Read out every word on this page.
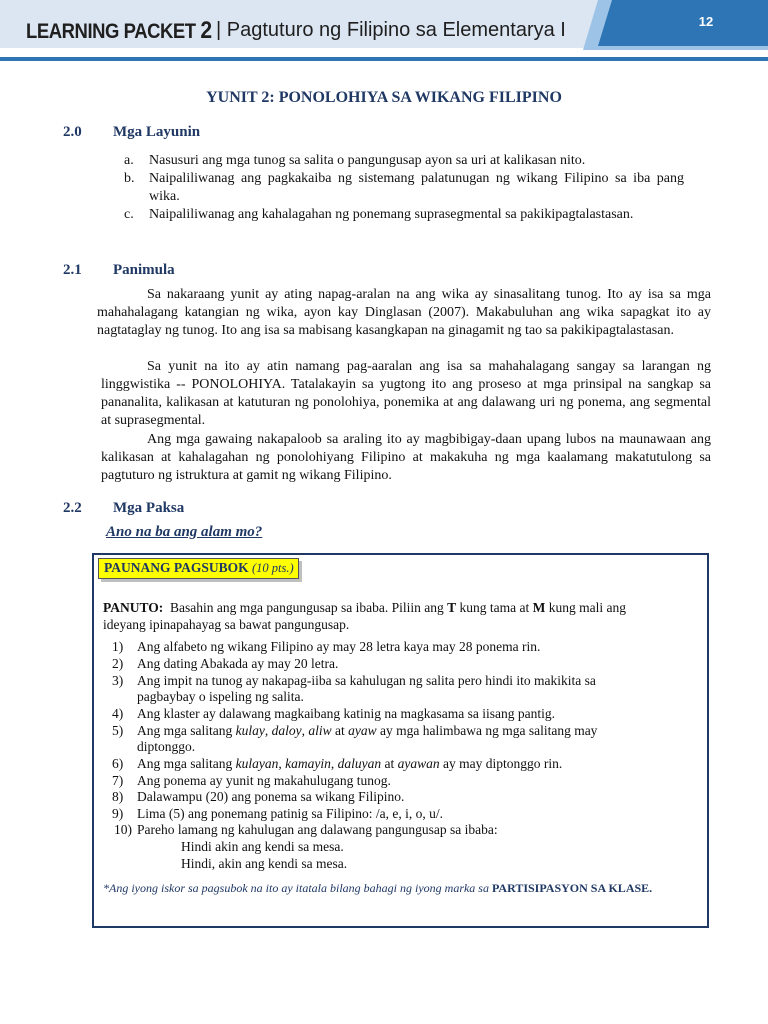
LEARNING PACKET 2 | Pagtuturo ng Filipino sa Elementarya I	12
YUNIT 2: PONOLOHIYA SA WIKANG FILIPINO
2.0 Mga Layunin
a. Nasusuri ang mga tunog sa salita o pangungusap ayon sa uri at kalikasan nito.
b. Naipaliliwanag ang pagkakaiba ng sistemang palatunugan ng wikang Filipino sa iba pang wika.
c. Naipaliliwanag ang kahalagahan ng ponemang suprasegmental sa pakikipagtalastasan.
2.1 Panimula
Sa nakaraang yunit ay ating napag-aralan na ang wika ay sinasalitang tunog. Ito ay isa sa mga mahahalagang katangian ng wika, ayon kay Dinglasan (2007). Makabuluhan ang wika sapagkat ito ay nagtataglay ng tunog. Ito ang isa sa mabisang kasangkapan na ginagamit ng tao sa pakikipagtalastasan.
Sa yunit na ito ay atin namang pag-aaralan ang isa sa mahahalagang sangay sa larangan ng linggwistika -- PONOLOHIYA. Tatalakayin sa yugtong ito ang proseso at mga prinsipal na sangkap sa pananalita, kalikasan at katuturan ng ponolohiya, ponemika at ang dalawang uri ng ponema, ang segmental at suprasegmental.
Ang mga gawaing nakapaloob sa araling ito ay magbibigay-daan upang lubos na maunawaan ang kalikasan at kahalagahan ng ponolohiyang Filipino at makakuha ng mga kaalamang makatutulong sa pagtuturo ng istruktura at gamit ng wikang Filipino.
2.2 Mga Paksa
Ano na ba ang alam mo?
PAUNANG PAGSUBOK (10 pts.)
PANUTO: Basahin ang mga pangungusap sa ibaba. Piliin ang T kung tama at M kung mali ang
ideyang ipinapahayag sa bawat pangungusap.
1) Ang alfabeto ng wikang Filipino ay may 28 letra kaya may 28 ponema rin.
2) Ang dating Abakada ay may 20 letra.
3) Ang impit na tunog ay nakapag-iiba sa kahulugan ng salita pero hindi ito makikita sa
pagbaybay o ispeling ng salita.
4) Ang klaster ay dalawang magkaibang katinig na magkasama sa iisang pantig.
5) Ang mga salitang kulay, daloy, aliw at ayaw ay mga halimbawa ng mga salitang may
diptonggo.
6) Ang mga salitang kulayan, kamayin, daluyan at ayawan ay may diptonggo rin.
7) Ang ponema ay yunit ng makahulugang tunog.
8) Dalawampu (20) ang ponema sa wikang Filipino.
9) Lima (5) ang ponemang patinig sa Filipino: /a, e, i, o, u/.
10) Pareho lamang ng kahulugan ang dalawang pangungusap sa ibaba:
Hindi akin ang kendi sa mesa.
Hindi, akin ang kendi sa mesa.
*Ang iyong iskor sa pagsubok na ito ay itatala bilang bahagi ng iyong marka sa PARTISIPASYON SA KLASE.
